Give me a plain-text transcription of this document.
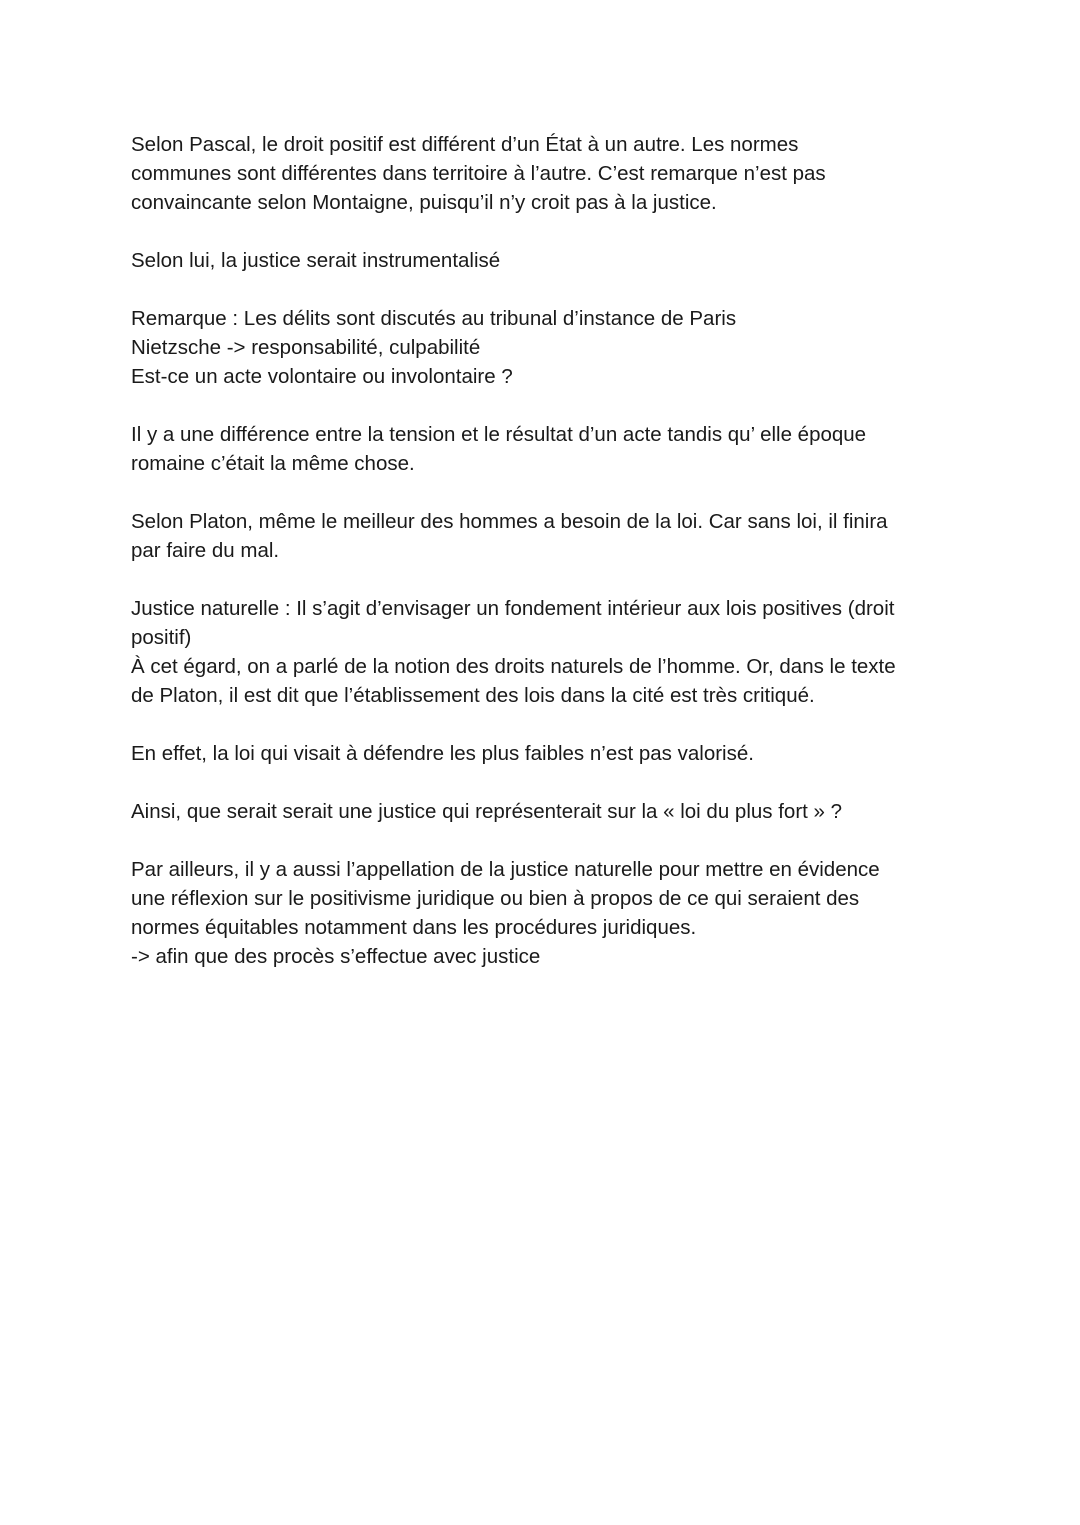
Selon Pascal, le droit positif est différent d’un État à un autre. Les normes
communes sont différentes dans territoire à l’autre. C’est remarque n’est pas
convaincante selon Montaigne, puisqu’il n’y croit pas à la justice.

Selon lui, la justice serait instrumentalisé

Remarque : Les délits sont discutés au tribunal d’instance de Paris
Nietzsche -> responsabilité, culpabilité
Est-ce un acte volontaire ou involontaire ?

Il y a une différence entre la tension et le résultat d’un acte tandis qu’ elle époque
romaine c’était la même chose.

Selon Platon, même le meilleur des hommes a besoin de la loi. Car sans loi, il finira
par faire du mal.

Justice naturelle : Il s’agit d’envisager un fondement intérieur aux lois positives (droit
positif)
À cet égard, on a parlé de la notion des droits naturels de l’homme. Or, dans le texte
de Platon, il est dit que l’établissement des lois dans la cité est très critiqué.

En effet, la loi qui visait à défendre les plus faibles n’est pas valorisé.

Ainsi, que serait serait une justice qui représenterait sur la « loi du plus fort » ?

Par ailleurs, il y a aussi l’appellation de la justice naturelle pour mettre en évidence
une réflexion sur le positivisme juridique ou bien à propos de ce qui seraient des
normes équitables notamment dans les procédures juridiques.
-> afin que des procès s’effectue avec justice
